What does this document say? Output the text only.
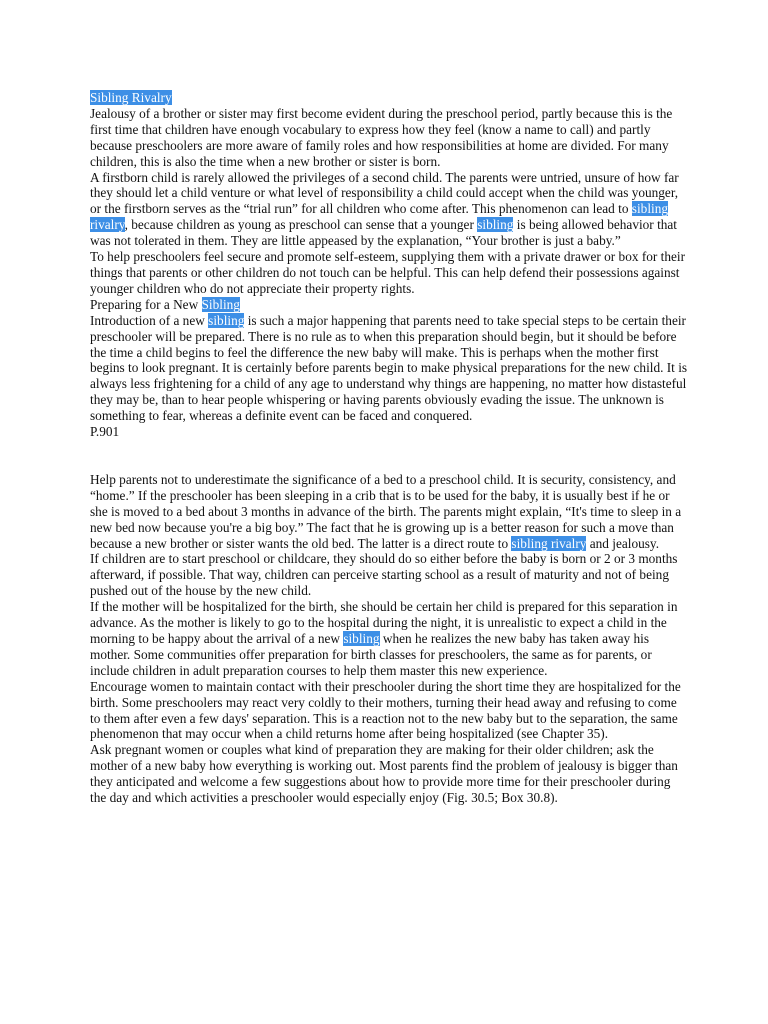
Sibling Rivalry

Jealousy of a brother or sister may first become evident during the preschool period, partly because this is the first time that children have enough vocabulary to express how they feel (know a name to call) and partly because preschoolers are more aware of family roles and how responsibilities at home are divided. For many children, this is also the time when a new brother or sister is born.

A firstborn child is rarely allowed the privileges of a second child. The parents were untried, unsure of how far they should let a child venture or what level of responsibility a child could accept when the child was younger, or the firstborn serves as the “trial run” for all children who come after. This phenomenon can lead to sibling rivalry, because children as young as preschool can sense that a younger sibling is being allowed behavior that was not tolerated in them. They are little appeased by the explanation, “Your brother is just a baby.”

To help preschoolers feel secure and promote self-esteem, supplying them with a private drawer or box for their things that parents or other children do not touch can be helpful. This can help defend their possessions against younger children who do not appreciate their property rights.

Preparing for a New Sibling

Introduction of a new sibling is such a major happening that parents need to take special steps to be certain their preschooler will be prepared. There is no rule as to when this preparation should begin, but it should be before the time a child begins to feel the difference the new baby will make. This is perhaps when the mother first begins to look pregnant. It is certainly before parents begin to make physical preparations for the new child. It is always less frightening for a child of any age to understand why things are happening, no matter how distasteful they may be, than to hear people whispering or having parents obviously evading the issue. The unknown is something to fear, whereas a definite event can be faced and conquered.

P.901

Help parents not to underestimate the significance of a bed to a preschool child. It is security, consistency, and “home.” If the preschooler has been sleeping in a crib that is to be used for the baby, it is usually best if he or she is moved to a bed about 3 months in advance of the birth. The parents might explain, “It's time to sleep in a new bed now because you're a big boy.” The fact that he is growing up is a better reason for such a move than because a new brother or sister wants the old bed. The latter is a direct route to sibling rivalry and jealousy.

If children are to start preschool or childcare, they should do so either before the baby is born or 2 or 3 months afterward, if possible. That way, children can perceive starting school as a result of maturity and not of being pushed out of the house by the new child.

If the mother will be hospitalized for the birth, she should be certain her child is prepared for this separation in advance. As the mother is likely to go to the hospital during the night, it is unrealistic to expect a child in the morning to be happy about the arrival of a new sibling when he realizes the new baby has taken away his mother. Some communities offer preparation for birth classes for preschoolers, the same as for parents, or include children in adult preparation courses to help them master this new experience.

Encourage women to maintain contact with their preschooler during the short time they are hospitalized for the birth. Some preschoolers may react very coldly to their mothers, turning their head away and refusing to come to them after even a few days' separation. This is a reaction not to the new baby but to the separation, the same phenomenon that may occur when a child returns home after being hospitalized (see Chapter 35).

Ask pregnant women or couples what kind of preparation they are making for their older children; ask the mother of a new baby how everything is working out. Most parents find the problem of jealousy is bigger than they anticipated and welcome a few suggestions about how to provide more time for their preschooler during the day and which activities a preschooler would especially enjoy (Fig. 30.5; Box 30.8).
